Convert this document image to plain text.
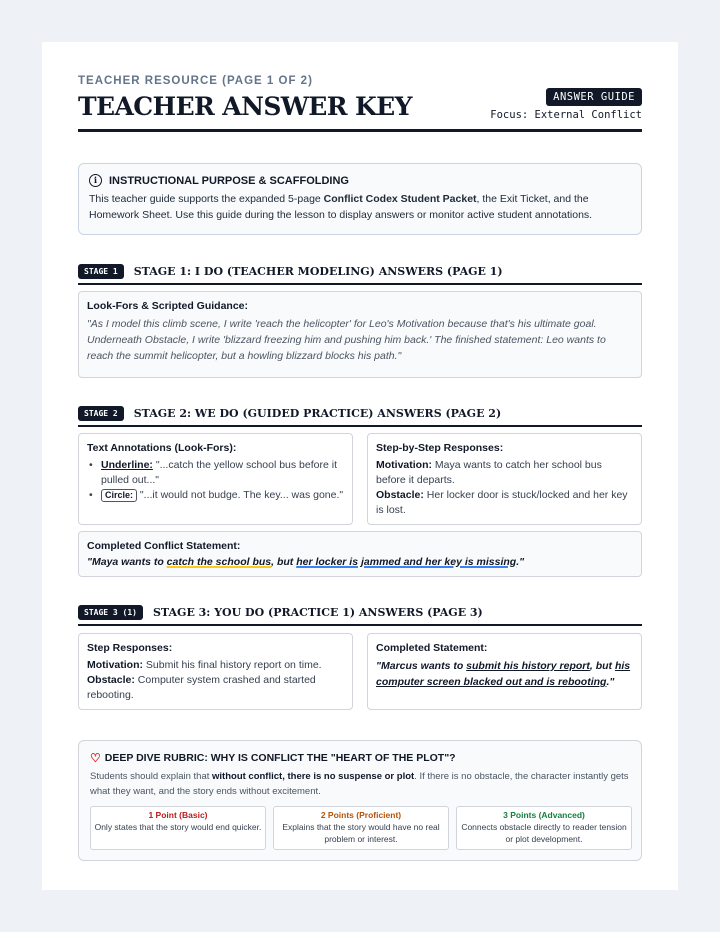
TEACHER RESOURCE (PAGE 1 OF 2)
TEACHER ANSWER KEY	ANSWER GUIDE
Focus: External Conflict
i	INSTRUCTIONAL PURPOSE & SCAFFOLDING
This teacher guide supports the expanded 5-page Conflict Codex Student Packet, the Exit Ticket, and the Homework Sheet. Use this guide during the lesson to display answers or monitor active student annotations.
STAGE 1	STAGE 1: I DO (TEACHER MODELING) ANSWERS (PAGE 1)
Look-Fors & Scripted Guidance:
"As I model this climb scene, I write 'reach the helicopter' for Leo's Motivation because that's his ultimate goal. Underneath Obstacle, I write 'blizzard freezing him and pushing him back.' The finished statement: Leo wants to reach the summit helicopter, but a howling blizzard blocks his path."
STAGE 2	STAGE 2: WE DO (GUIDED PRACTICE) ANSWERS (PAGE 2)
Text Annotations (Look-Fors):
• Underline: "...catch the yellow school bus before it pulled out..."
• Circle: "...it would not budge. The key... was gone."
Step-by-Step Responses:
Motivation: Maya wants to catch her school bus before it departs.
Obstacle: Her locker door is stuck/locked and her key is lost.
Completed Conflict Statement:
"Maya wants to catch the school bus, but her locker is jammed and her key is missing."
STAGE 3 (1)	STAGE 3: YOU DO (PRACTICE 1) ANSWERS (PAGE 3)
Step Responses:
Motivation: Submit his final history report on time.
Obstacle: Computer system crashed and started rebooting.
Completed Statement:
"Marcus wants to submit his history report, but his computer screen blacked out and is rebooting."
♡ DEEP DIVE RUBRIC: WHY IS CONFLICT THE "HEART OF THE PLOT"?
Students should explain that without conflict, there is no suspense or plot. If there is no obstacle, the character instantly gets what they want, and the story ends without excitement.
1 Point (Basic)
Only states that the story would end quicker.
2 Points (Proficient)
Explains that the story would have no real problem or interest.
3 Points (Advanced)
Connects obstacle directly to reader tension or plot development.
